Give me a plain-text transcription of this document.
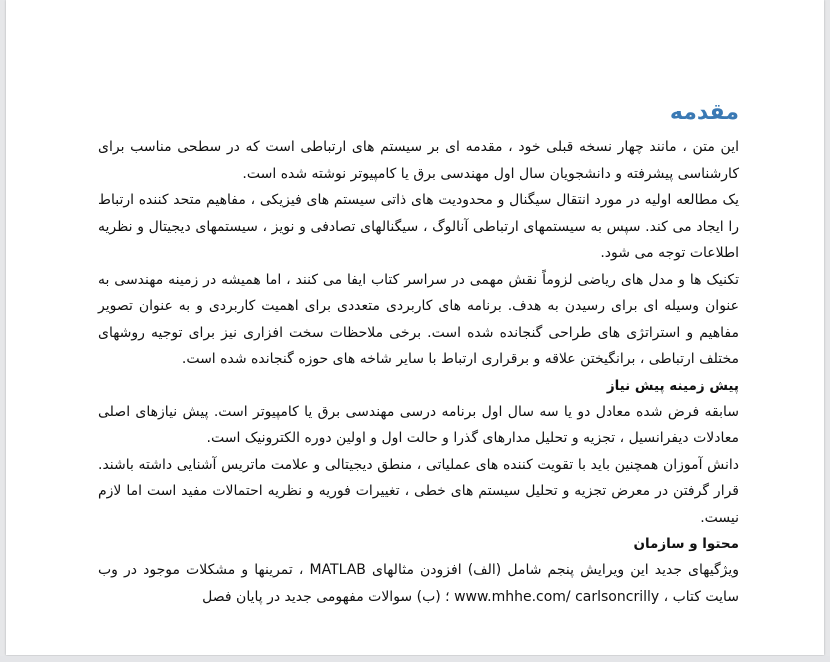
مقدمه

این متن ، مانند چهار نسخه قبلی خود ، مقدمه ای بر سیستم های ارتباطی است که در سطحی مناسب برای کارشناسی پیشرفته و دانشجویان سال اول مهندسی برق یا کامپیوتر نوشته شده است.

یک مطالعه اولیه در مورد انتقال سیگنال و محدودیت های ذاتی سیستم های فیزیکی ، مفاهیم متحد کننده ارتباط را ایجاد می کند. سپس به سیستمهای ارتباطی آنالوگ ، سیگنالهای تصادفی و نویز ، سیستمهای دیجیتال و نظریه اطلاعات توجه می شود.

تکنیک ها و مدل های ریاضی لزوماً نقش مهمی در سراسر کتاب ایفا می کنند ، اما همیشه در زمینه مهندسی به عنوان وسیله ای برای رسیدن به هدف. برنامه های کاربردی متعددی برای اهمیت کاربردی و به عنوان تصویر مفاهیم و استراتژی های طراحی گنجانده شده است. برخی ملاحظات سخت افزاری نیز برای توجیه روشهای مختلف ارتباطی ، برانگیختن علاقه و برقراری ارتباط با سایر شاخه های حوزه گنجانده شده است.

پیش زمینه پیش نیاز

سابقه فرض شده معادل دو یا سه سال اول برنامه درسی مهندسی برق یا کامپیوتر است. پیش نیازهای اصلی معادلات دیفرانسیل ، تجزیه و تحلیل مدارهای گذرا و حالت اول و اولین دوره الکترونیک است.

دانش آموزان همچنین باید با تقویت کننده های عملیاتی ، منطق دیجیتالی و علامت ماتریس آشنایی داشته باشند. قرار گرفتن در معرض تجزیه و تحلیل سیستم های خطی ، تغییرات فوریه و نظریه احتمالات مفید است اما لازم نیست.

محتوا و سازمان

ویژگیهای جدید این ویرایش پنجم شامل (الف) افزودن مثالهای MATLAB ، تمرینها و مشکلات موجود در وب سایت کتاب ، www.mhhe.com/ carlsoncrilly ؛ (ب) سوالات مفهومی جدید در پایان فصل
